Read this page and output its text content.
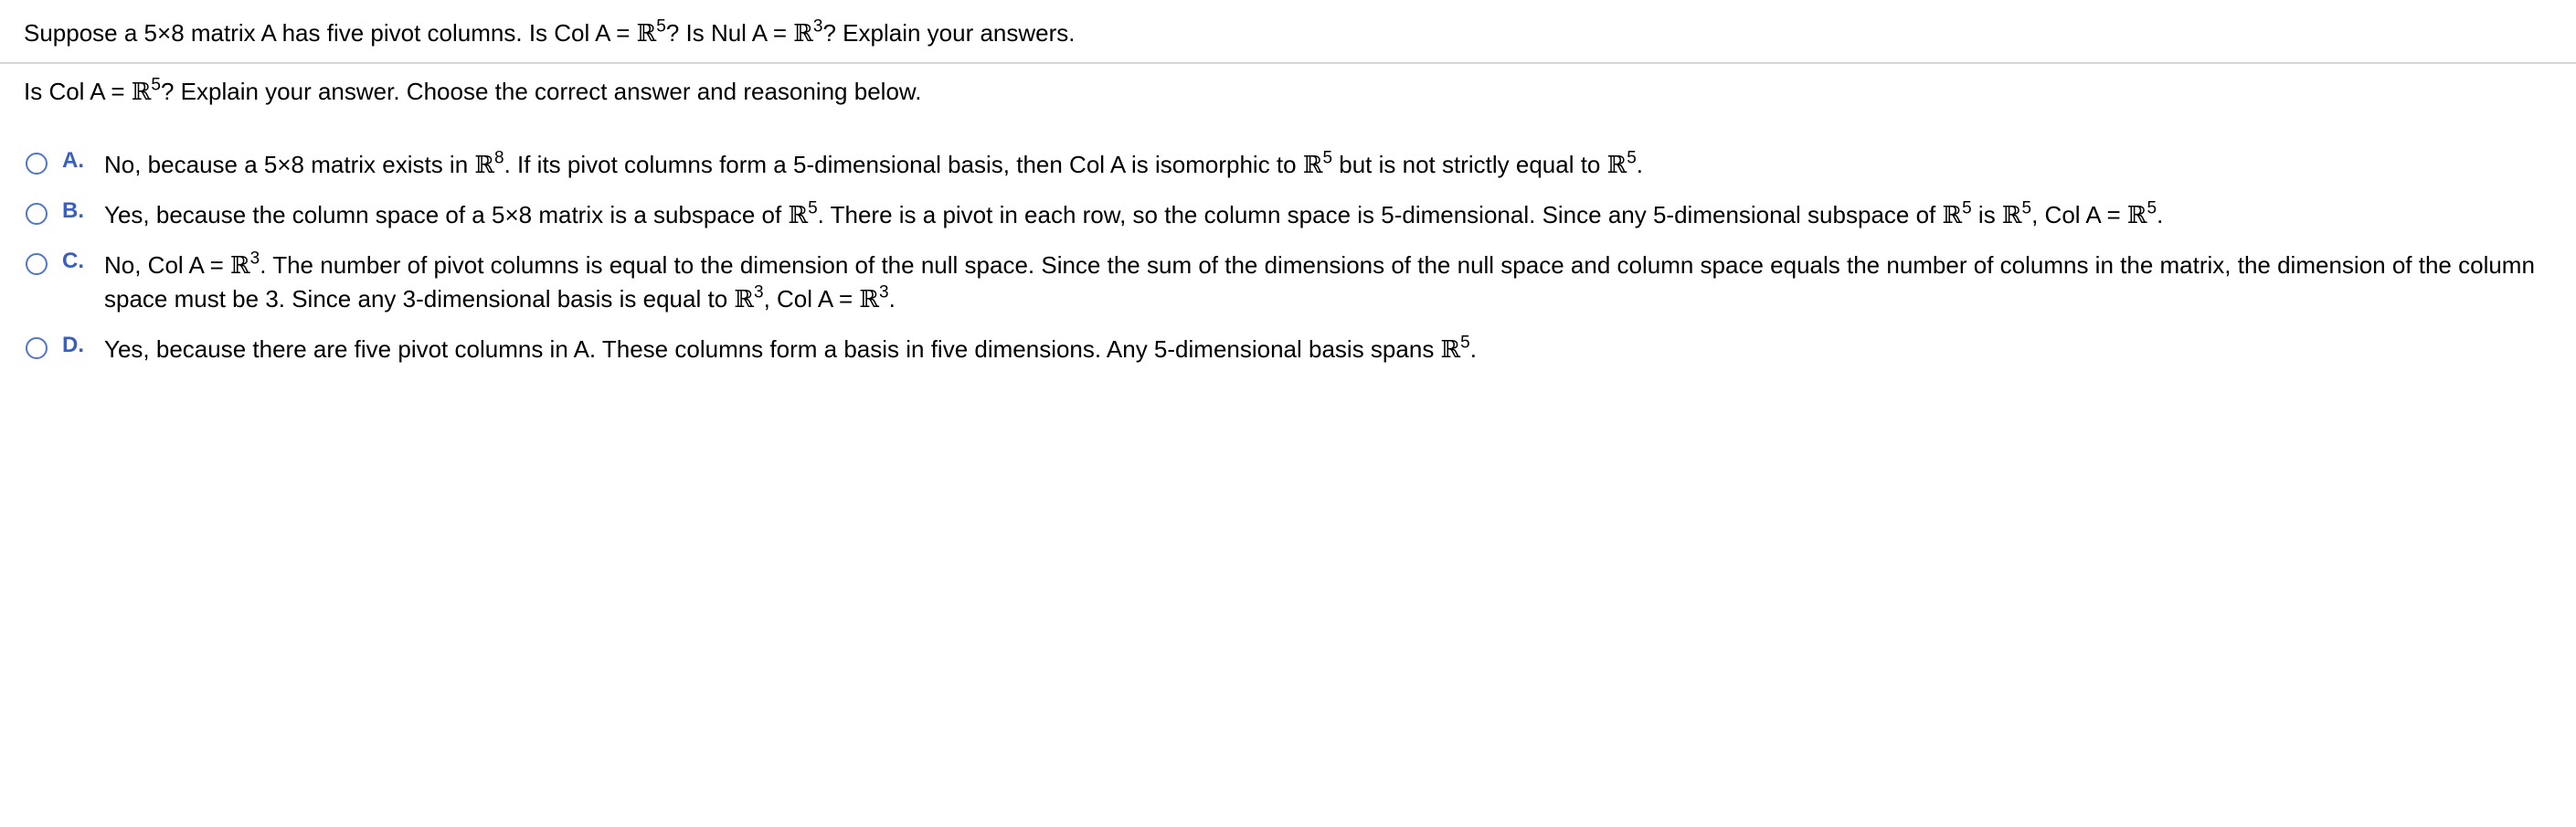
Suppose a 5×8 matrix A has five pivot columns. Is Col A = ℝ$^5$? Is Nul A = ℝ$^3$? Explain your answers.
Is Col A = ℝ$^5$? Explain your answer. Choose the correct answer and reasoning below.
A. No, because a 5×8 matrix exists in ℝ$^8$. If its pivot columns form a 5-dimensional basis, then Col A is isomorphic to ℝ$^5$ but is not strictly equal to ℝ$^5$.
B. Yes, because the column space of a 5×8 matrix is a subspace of ℝ$^5$. There is a pivot in each row, so the column space is 5-dimensional. Since any 5-dimensional subspace of ℝ$^5$ is ℝ$^5$, Col A = ℝ$^5$.
C. No, Col A = ℝ$^3$. The number of pivot columns is equal to the dimension of the null space. Since the sum of the dimensions of the null space and column space equals the number of columns in the matrix, the dimension of the column space must be 3. Since any 3-dimensional basis is equal to ℝ$^3$, Col A = ℝ$^3$.
D. Yes, because there are five pivot columns in A. These columns form a basis in five dimensions. Any 5-dimensional basis spans ℝ$^5$.
